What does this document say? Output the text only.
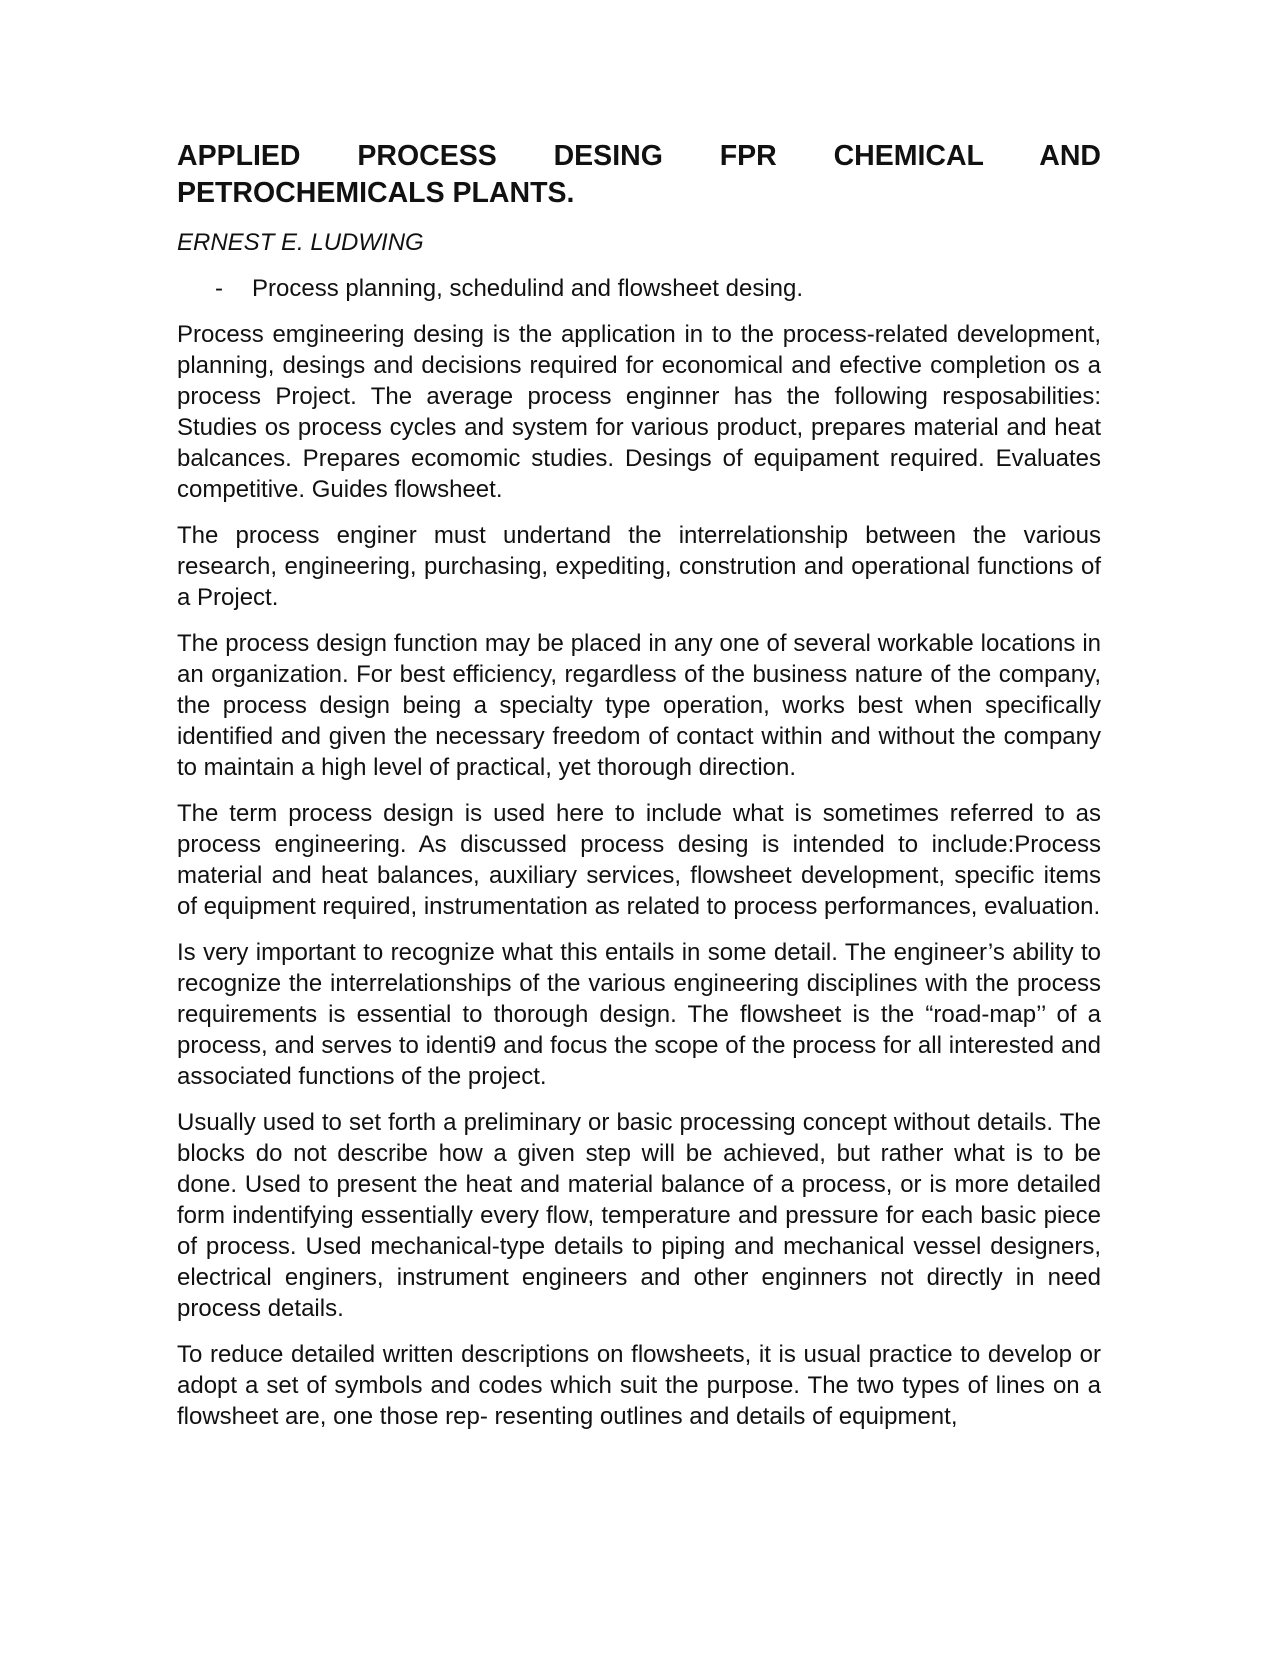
APPLIED PROCESS DESING FPR CHEMICAL AND PETROCHEMICALS PLANTS.
ERNEST E. LUDWING
- Process planning, schedulind and flowsheet desing.

Process emgineering desing is the application in to the process-related development, planning, desings and decisions required for economical and efective completion os a process Project. The average process enginner has the following resposabilities: Studies os process cycles and system for various product, prepares material and heat balcances. Prepares ecomomic studies. Desings of equipament required. Evaluates competitive. Guides flowsheet.

The process enginer must undertand the interrelationship between the various research, engineering, purchasing, expediting, constrution and operational functions of a Project.

The process design function may be placed in any one of several workable locations in an organization. For best efficiency, regardless of the business nature of the company, the process design being a specialty type operation, works best when specifically identified and given the necessary freedom of contact within and without the company to maintain a high level of practical, yet thorough direction.

The term process design is used here to include what is sometimes referred to as process engineering. As discussed process desing is intended to include:Process material and heat balances, auxiliary services, flowsheet development, specific items of equipment required, instrumentation as related to process performances, evaluation.

Is very important to recognize what this entails in some detail. The engineer’s ability to recognize the interrelationships of the various engineering disciplines with the process requirements is essential to thorough design. The flowsheet is the “road-map’’ of a process, and serves to identi9 and focus the scope of the process for all interested and associated functions of the project.

Usually used to set forth a preliminary or basic processing concept without details. The blocks do not describe how a given step will be achieved, but rather what is to be done. Used to present the heat and material balance of a process, or is more detailed form indentifying essentially every flow, temperature and pressure for each basic piece of process. Used mechanical-type details to piping and mechanical vessel designers, electrical enginers, instrument engineers and other enginners not directly in need process details.

To reduce detailed written descriptions on flowsheets, it is usual practice to develop or adopt a set of symbols and codes which suit the purpose. The two types of lines on a flowsheet are, one those rep- resenting outlines and details of equipment,
